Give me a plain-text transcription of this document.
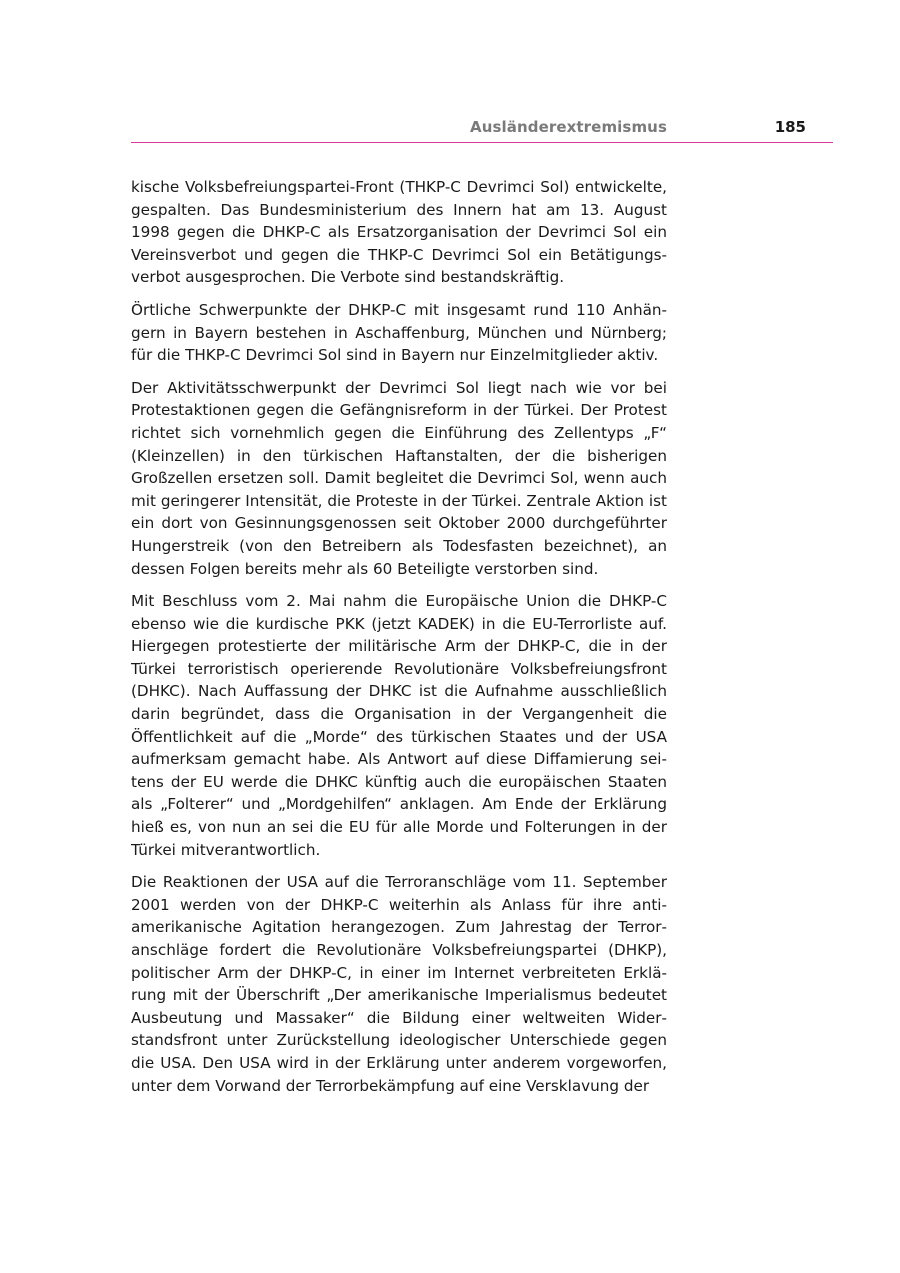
Ausländerextremismus	185

kische Volksbefreiungspartei-Front (THKP-C Devrimci Sol) entwickelte, gespalten. Das Bundesministerium des Innern hat am 13. August 1998 gegen die DHKP-C als Ersatzorganisation der Devrimci Sol ein Vereinsverbot und gegen die THKP-C Devrimci Sol ein Betätigungsverbot ausgesprochen. Die Verbote sind bestandskräftig.

Örtliche Schwerpunkte der DHKP-C mit insgesamt rund 110 Anhängern in Bayern bestehen in Aschaffenburg, München und Nürnberg; für die THKP-C Devrimci Sol sind in Bayern nur Einzelmitglieder aktiv.

Der Aktivitätsschwerpunkt der Devrimci Sol liegt nach wie vor bei Protestaktionen gegen die Gefängnisreform in der Türkei. Der Protest richtet sich vornehmlich gegen die Einführung des Zellentyps „F“ (Kleinzellen) in den türkischen Haftanstalten, der die bisherigen Großzellen ersetzen soll. Damit begleitet die Devrimci Sol, wenn auch mit geringerer Intensität, die Proteste in der Türkei. Zentrale Aktion ist ein dort von Gesinnungsgenossen seit Oktober 2000 durchgeführter Hungerstreik (von den Betreibern als Todesfasten bezeichnet), an dessen Folgen bereits mehr als 60 Beteiligte verstorben sind.

Mit Beschluss vom 2. Mai nahm die Europäische Union die DHKP-C ebenso wie die kurdische PKK (jetzt KADEK) in die EU-Terrorliste auf. Hiergegen protestierte der militärische Arm der DHKP-C, die in der Türkei terroristisch operierende Revolutionäre Volksbefreiungsfront (DHKC). Nach Auffassung der DHKC ist die Aufnahme ausschließlich darin begründet, dass die Organisation in der Vergangenheit die Öffentlichkeit auf die „Morde“ des türkischen Staates und der USA aufmerksam gemacht habe. Als Antwort auf diese Diffamierung seitens der EU werde die DHKC künftig auch die europäischen Staaten als „Folterer“ und „Mordgehilfen“ anklagen. Am Ende der Erklärung hieß es, von nun an sei die EU für alle Morde und Folterungen in der Türkei mitverantwortlich.

Die Reaktionen der USA auf die Terroranschläge vom 11. September 2001 werden von der DHKP-C weiterhin als Anlass für ihre antiamerikanische Agitation herangezogen. Zum Jahrestag der Terroranschläge fordert die Revolutionäre Volksbefreiungspartei (DHKP), politischer Arm der DHKP-C, in einer im Internet verbreiteten Erklärung mit der Überschrift „Der amerikanische Imperialismus bedeutet Ausbeutung und Massaker“ die Bildung einer weltweiten Widerstandsfront unter Zurückstellung ideologischer Unterschiede gegen die USA. Den USA wird in der Erklärung unter anderem vorgeworfen, unter dem Vorwand der Terrorbekämpfung auf eine Versklavung der
